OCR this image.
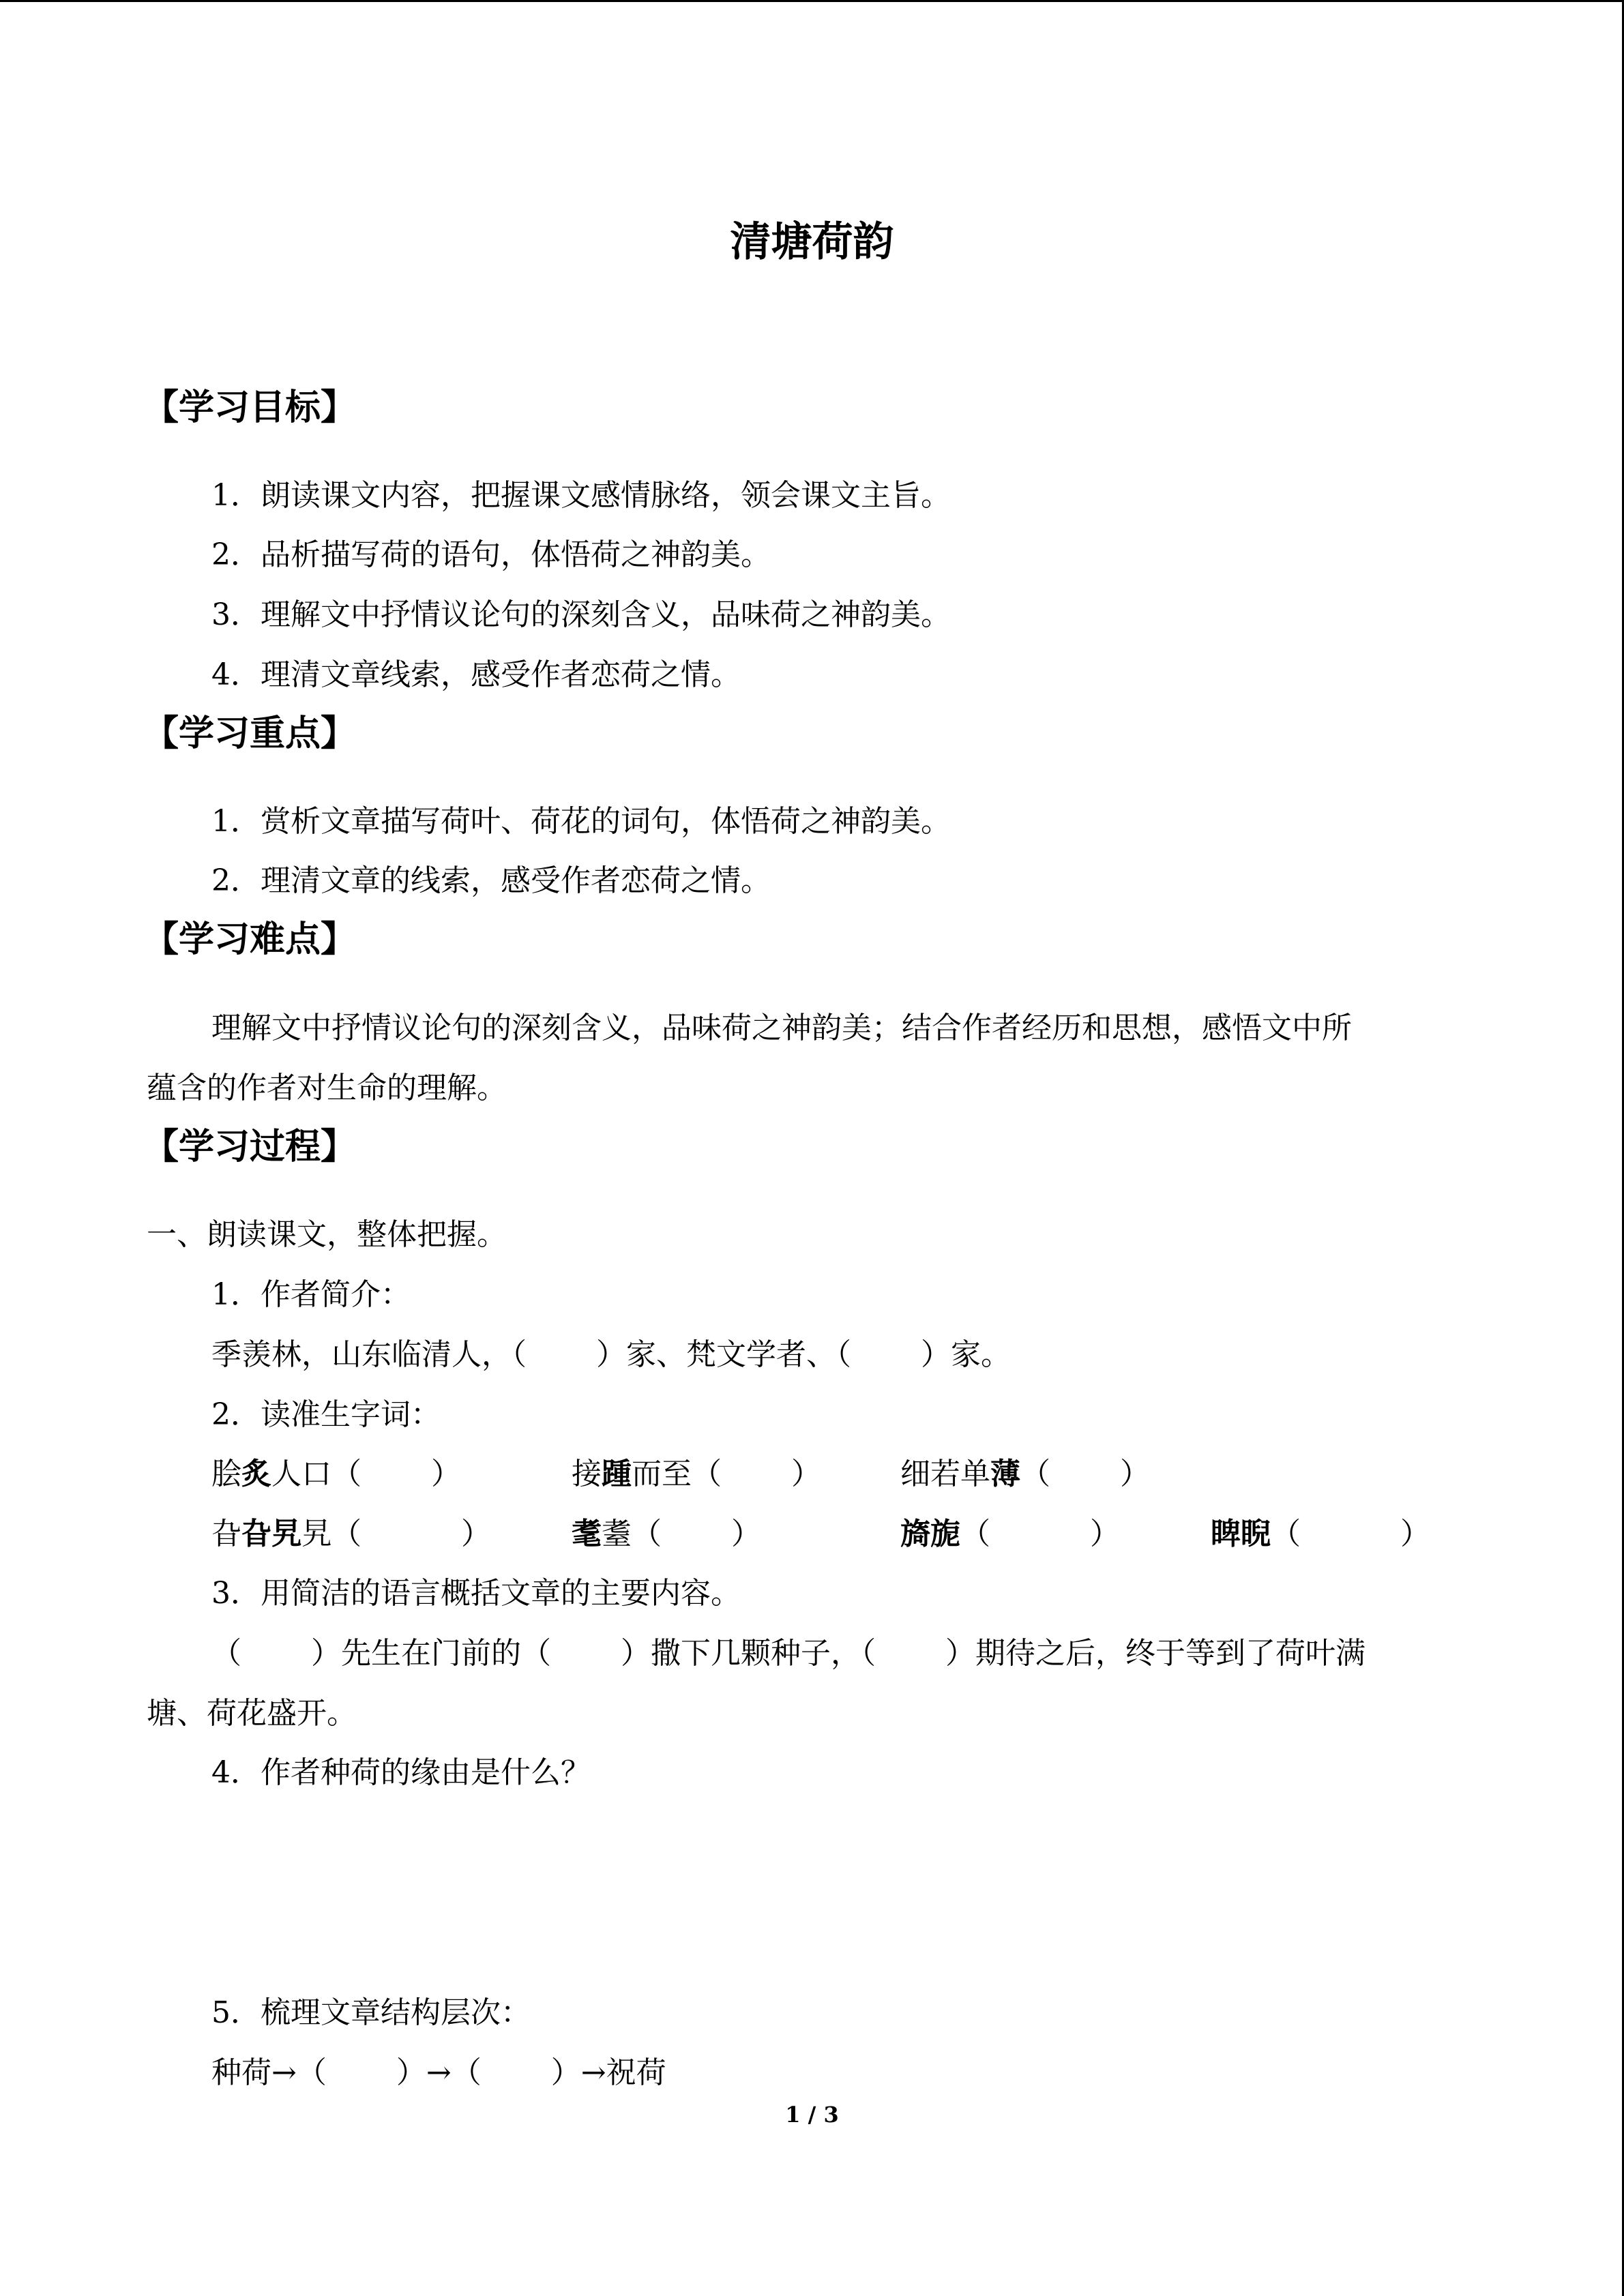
清塘荷韵
【学习目标】
1．朗读课文内容，把握课文感情脉络，领会课文主旨。
2．品析描写荷的语句，体悟荷之神韵美。
3．理解文中抒情议论句的深刻含义，品味荷之神韵美。
4．理清文章线索，感受作者恋荷之情。
【学习重点】
1．赏析文章描写荷叶、荷花的词句，体悟荷之神韵美。
2．理清文章的线索，感受作者恋荷之情。
【学习难点】
理解文中抒情议论句的深刻含义，品味荷之神韵美；结合作者经历和思想，感悟文中所
蕴含的作者对生命的理解。
【学习过程】
一、朗读课文，整体把握。
1．作者简介：
季羡林，山东临清人，（　　 ）家、梵文学者、（　　 ）家。
2．读准生字词：
脍炙人口（　　 ）	接踵而至（　　 ）	细若单薄（　　 ）
旮旮旯旯（　　　 ）	耄耋（　　 ）	旖旎（　　　 ）	睥睨（　　　 ）
3．用简洁的语言概括文章的主要内容。
（　　 ）先生在门前的（　　 ）撒下几颗种子，（　　 ）期待之后，终于等到了荷叶满
塘、荷花盛开。
4．作者种荷的缘由是什么？
5．梳理文章结构层次：
种荷→（　　 ）→（　　 ）→祝荷
1 / 3
